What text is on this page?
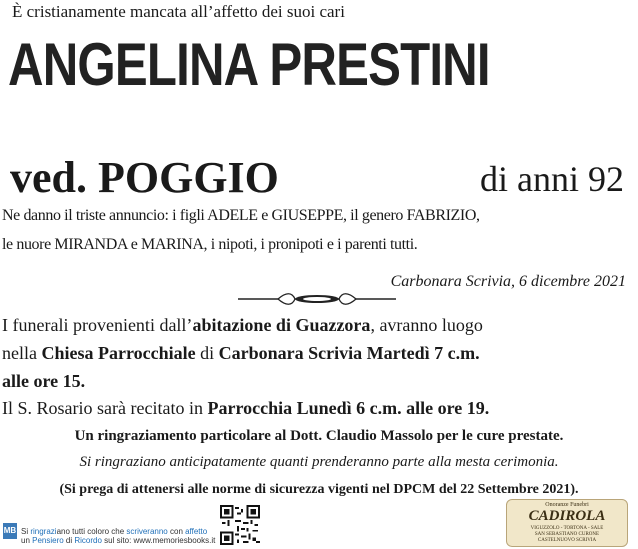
È cristianamente mancata all’affetto dei suoi cari
ANGELINA PRESTINI
ved. POGGIO	di anni 92
Ne danno il triste annuncio: i figli ADELE e GIUSEPPE, il genero FABRIZIO,
le nuore MIRANDA e MARINA, i nipoti, i pronipoti e i parenti tutti.
Carbonara Scrivia, 6 dicembre 2021
I funerali provenienti dall’abitazione di Guazzora, avranno luogo
nella Chiesa Parrocchiale di Carbonara Scrivia Martedì 7 c.m.
alle ore 15.
Il S. Rosario sarà recitato in Parrocchia Lunedì 6 c.m. alle ore 19.
Un ringraziamento particolare al Dott. Claudio Massolo per le cure prestate.
Si ringraziano anticipatamente quanti prenderanno parte alla mesta cerimonia.
(Si prega di attenersi alle norme di sicurezza vigenti nel DPCM del 22 Settembre 2021).
MB Si ringraziano tutti coloro che scriveranno con affetto
un Pensiero di Ricordo sul sito: www.memoriesbooks.it
Onoranze Funebri
CADIROLA
VIGUZZOLO - TORTONA - SALE
SAN SEBASTIANO CURONE
CASTELNUOVO SCRIVIA
